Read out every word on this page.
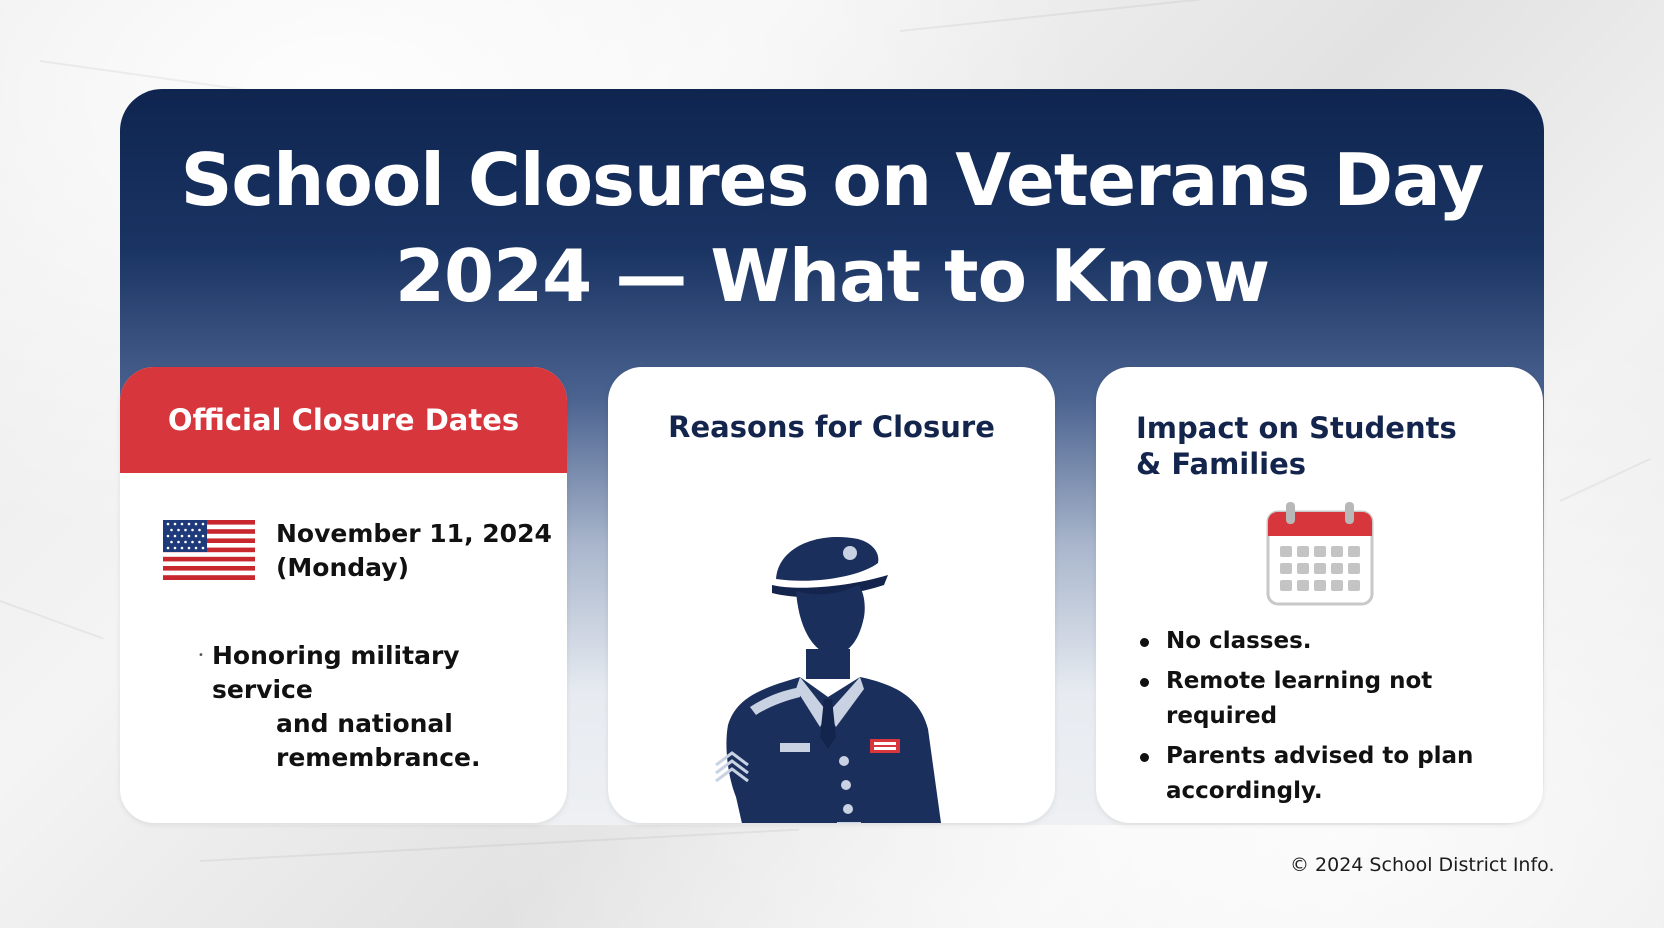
School Closures on Veterans Day
2024 — What to Know
Official Closure Dates
November 11, 2024
(Monday)
• Honoring military service
and national
remembrance.
Reasons for Closure	Impact on Students
& Families
No classes.
Remote learning not required
Parents advised to plan
accordingly.
© 2024 School District Info.
